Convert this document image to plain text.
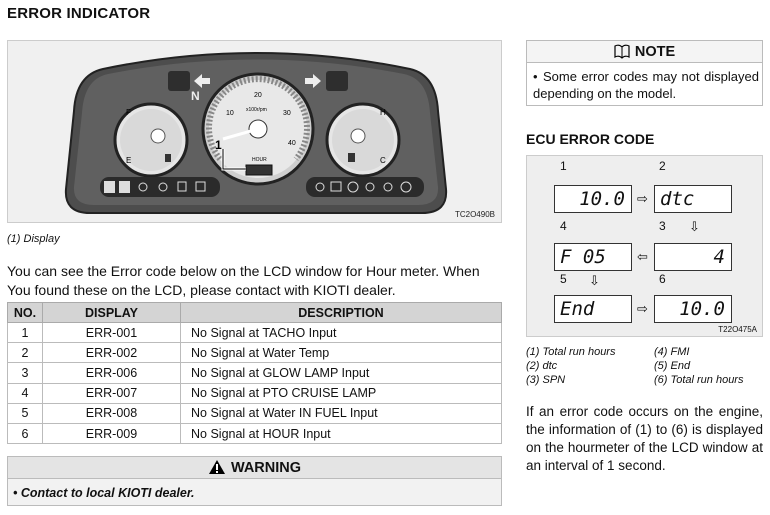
ERROR INDICATOR
F
E
H
C
10
20
30
40
x100r/pm
HOUR
1
N
TC2O490B
(1) Display
You can see the Error code below on the LCD window for Hour meter. When You found these on the LCD, please contact with KIOTI dealer.
NO.	DISPLAY	DESCRIPTION
1	ERR-001	No Signal at TACHO Input
2	ERR-002	No Signal at Water Temp
3	ERR-006	No Signal at GLOW LAMP Input
4	ERR-007	No Signal at PTO CRUISE LAMP
5	ERR-008	No Signal at Water IN FUEL Input
6	ERR-009	No Signal at HOUR Input
WARNING
• Contact to local KIOTI dealer.
NOTE
• Some error codes may not displayed depending on the model.
ECU ERROR CODE
1
10.0 ⇨
2
dtc
⇩
4
F 05	⇦
3
4
5 ⇩
End	⇨
6
10.0
T22O475A
(1) Total run hours	(4) FMI
(2) dtc	(5) End
(3) SPN	(6) Total run hours
If an error code occurs on the engine, the information of (1) to (6) is displayed on the hourmeter of the LCD window at an interval of 1 second.
